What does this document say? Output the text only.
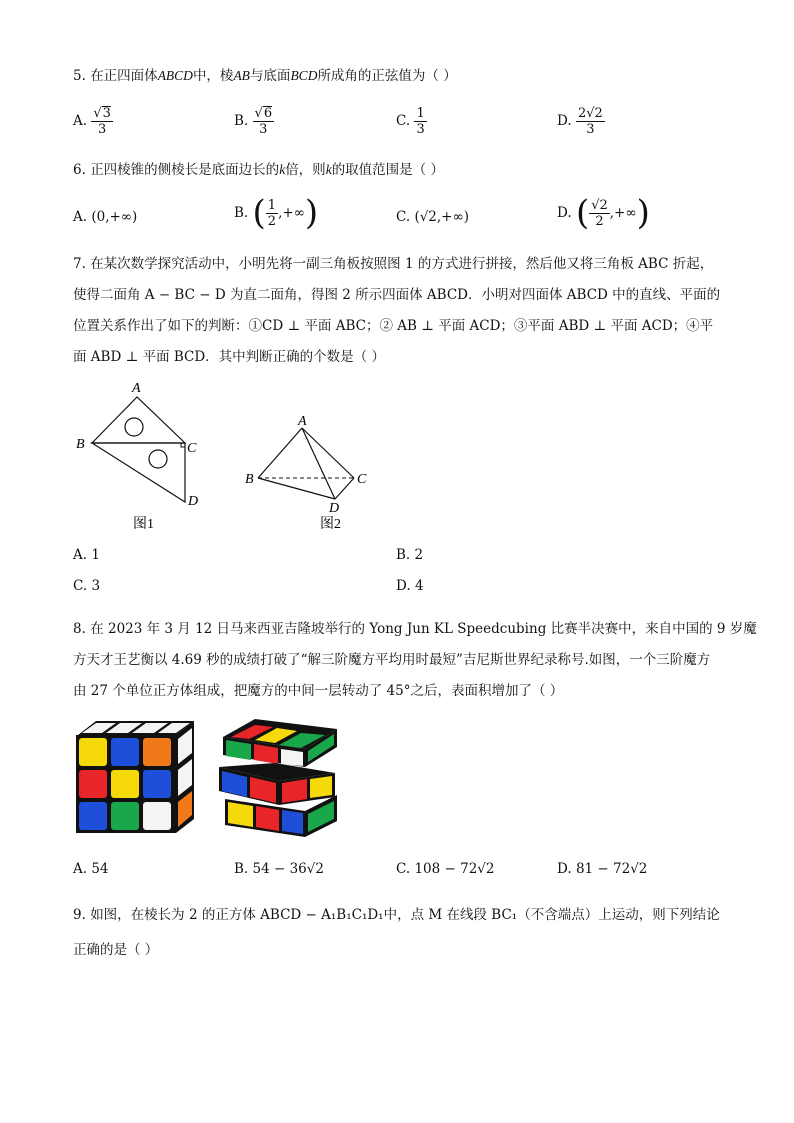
5. 在正四面体ABCD中，棱AB与底面BCD所成角的正弦值为（ ）
A. $\frac{√3}{3}$	B. $\frac{√6}{3}$	C. $\frac{1}{3}$	D. $\frac{2√2}{3}$
6. 正四棱锥的侧棱长是底面边长的k倍，则k的取值范围是（ ）
A. (0,+∞)	B. ( $\frac{1}{2}$ ,+∞)	C. (√2,+∞)	D. ( $\frac{√2}{2}$ ,+∞)
7. 在某次数学探究活动中，小明先将一副三角板按照图 1 的方式进行拼接，然后他又将三角板 ABC 折起，
使得二面角 A − BC − D 为直二面角，得图 2 所示四面体 ABCD．小明对四面体 ABCD 中的直线、平面的
位置关系作出了如下的判断：①CD ⊥ 平面 ABC；② AB ⊥ 平面 ACD；③平面 ABD ⊥ 平面 ACD；④平
面 ABD ⊥ 平面 BCD．其中判断正确的个数是（ ）
A
B	C
D
图1
A
B	C
D
图2
A. 1	B. 2
C. 3	D. 4
8. 在 2023 年 3 月 12 日马来西亚吉隆坡举行的 Yong Jun KL Speedcubing 比赛半决赛中，来自中国的 9 岁魔
方天才王艺衡以 4.69 秒的成绩打破了“解三阶魔方平均用时最短”吉尼斯世界纪录称号.如图，一个三阶魔方
由 27 个单位正方体组成，把魔方的中间一层转动了 45°之后，表面积增加了（ ）
A. 54	B. 54 − 36√2	C. 108 − 72√2	D. 81 − 72√2
9. 如图，在棱长为 2 的正方体 ABCD − A₁B₁C₁D₁中，点 M 在线段 BC₁（不含端点）上运动，则下列结论
正确的是（ ）
